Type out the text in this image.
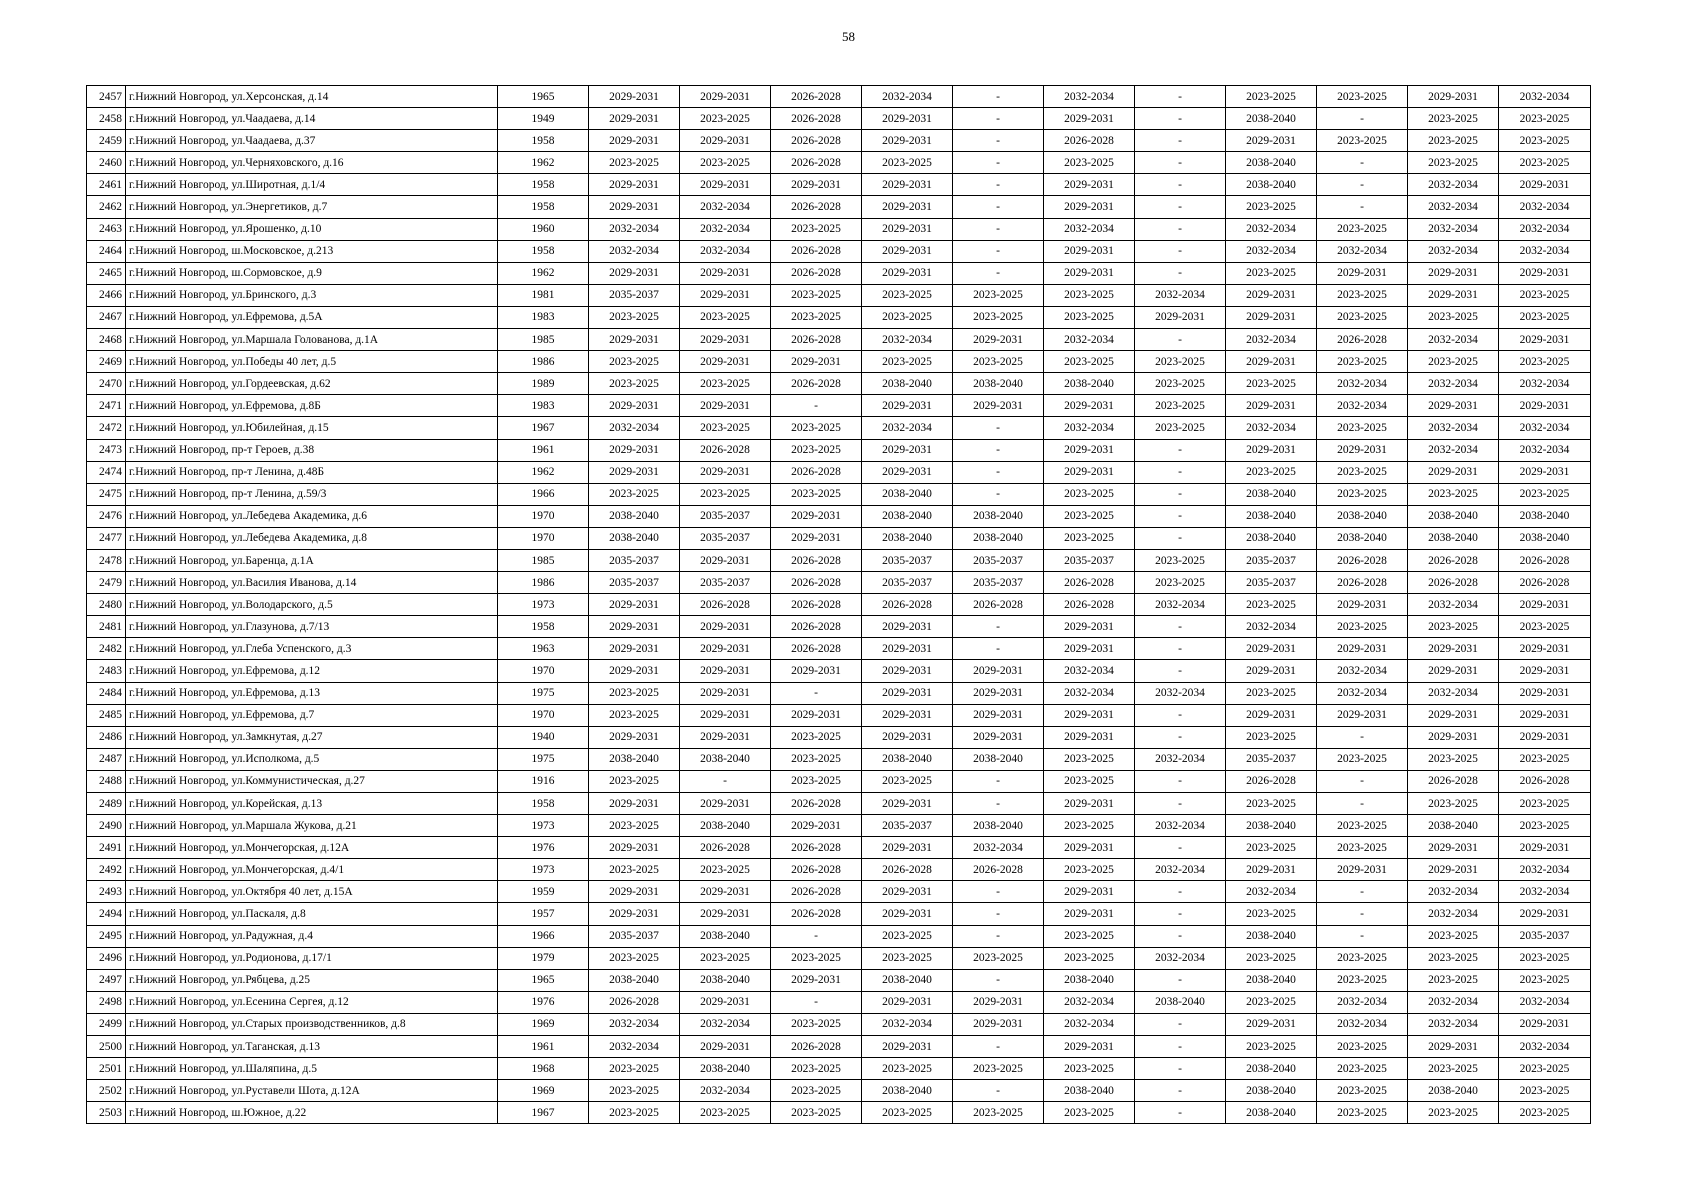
58
2457	г.Нижний Новгород, ул.Херсонская, д.14	1965	2029-2031	2029-2031	2026-2028	2032-2034	-	2032-2034	-	2023-2025	2023-2025	2029-2031	2032-2034
2458	г.Нижний Новгород, ул.Чаадаева, д.14	1949	2029-2031	2023-2025	2026-2028	2029-2031	-	2029-2031	-	2038-2040	-	2023-2025	2023-2025
2459	г.Нижний Новгород, ул.Чаадаева, д.37	1958	2029-2031	2029-2031	2026-2028	2029-2031	-	2026-2028	-	2029-2031	2023-2025	2023-2025	2023-2025
2460	г.Нижний Новгород, ул.Черняховского, д.16	1962	2023-2025	2023-2025	2026-2028	2023-2025	-	2023-2025	-	2038-2040	-	2023-2025	2023-2025
2461	г.Нижний Новгород, ул.Широтная, д.1/4	1958	2029-2031	2029-2031	2029-2031	2029-2031	-	2029-2031	-	2038-2040	-	2032-2034	2029-2031
2462	г.Нижний Новгород, ул.Энергетиков, д.7	1958	2029-2031	2032-2034	2026-2028	2029-2031	-	2029-2031	-	2023-2025	-	2032-2034	2032-2034
2463	г.Нижний Новгород, ул.Ярошенко, д.10	1960	2032-2034	2032-2034	2023-2025	2029-2031	-	2032-2034	-	2032-2034	2023-2025	2032-2034	2032-2034
2464	г.Нижний Новгород, ш.Московское, д.213	1958	2032-2034	2032-2034	2026-2028	2029-2031	-	2029-2031	-	2032-2034	2032-2034	2032-2034	2032-2034
2465	г.Нижний Новгород, ш.Сормовское, д.9	1962	2029-2031	2029-2031	2026-2028	2029-2031	-	2029-2031	-	2023-2025	2029-2031	2029-2031	2029-2031
2466	г.Нижний Новгород, ул.Бринского, д.3	1981	2035-2037	2029-2031	2023-2025	2023-2025	2023-2025	2023-2025	2032-2034	2029-2031	2023-2025	2029-2031	2023-2025
2467	г.Нижний Новгород, ул.Ефремова, д.5А	1983	2023-2025	2023-2025	2023-2025	2023-2025	2023-2025	2023-2025	2029-2031	2029-2031	2023-2025	2023-2025	2023-2025
2468	г.Нижний Новгород, ул.Маршала Голованова, д.1А	1985	2029-2031	2029-2031	2026-2028	2032-2034	2029-2031	2032-2034	-	2032-2034	2026-2028	2032-2034	2029-2031
2469	г.Нижний Новгород, ул.Победы 40 лет, д.5	1986	2023-2025	2029-2031	2029-2031	2023-2025	2023-2025	2023-2025	2023-2025	2029-2031	2023-2025	2023-2025	2023-2025
2470	г.Нижний Новгород, ул.Гордеевская, д.62	1989	2023-2025	2023-2025	2026-2028	2038-2040	2038-2040	2038-2040	2023-2025	2023-2025	2032-2034	2032-2034	2032-2034
2471	г.Нижний Новгород, ул.Ефремова, д.8Б	1983	2029-2031	2029-2031	-	2029-2031	2029-2031	2029-2031	2023-2025	2029-2031	2032-2034	2029-2031	2029-2031
2472	г.Нижний Новгород, ул.Юбилейная, д.15	1967	2032-2034	2023-2025	2023-2025	2032-2034	-	2032-2034	2023-2025	2032-2034	2023-2025	2032-2034	2032-2034
2473	г.Нижний Новгород, пр-т Героев, д.38	1961	2029-2031	2026-2028	2023-2025	2029-2031	-	2029-2031	-	2029-2031	2029-2031	2032-2034	2032-2034
2474	г.Нижний Новгород, пр-т Ленина, д.48Б	1962	2029-2031	2029-2031	2026-2028	2029-2031	-	2029-2031	-	2023-2025	2023-2025	2029-2031	2029-2031
2475	г.Нижний Новгород, пр-т Ленина, д.59/3	1966	2023-2025	2023-2025	2023-2025	2038-2040	-	2023-2025	-	2038-2040	2023-2025	2023-2025	2023-2025
2476	г.Нижний Новгород, ул.Лебедева Академика, д.6	1970	2038-2040	2035-2037	2029-2031	2038-2040	2038-2040	2023-2025	-	2038-2040	2038-2040	2038-2040	2038-2040
2477	г.Нижний Новгород, ул.Лебедева Академика, д.8	1970	2038-2040	2035-2037	2029-2031	2038-2040	2038-2040	2023-2025	-	2038-2040	2038-2040	2038-2040	2038-2040
2478	г.Нижний Новгород, ул.Баренца, д.1А	1985	2035-2037	2029-2031	2026-2028	2035-2037	2035-2037	2035-2037	2023-2025	2035-2037	2026-2028	2026-2028	2026-2028
2479	г.Нижний Новгород, ул.Василия Иванова, д.14	1986	2035-2037	2035-2037	2026-2028	2035-2037	2035-2037	2026-2028	2023-2025	2035-2037	2026-2028	2026-2028	2026-2028
2480	г.Нижний Новгород, ул.Володарского, д.5	1973	2029-2031	2026-2028	2026-2028	2026-2028	2026-2028	2026-2028	2032-2034	2023-2025	2029-2031	2032-2034	2029-2031
2481	г.Нижний Новгород, ул.Глазунова, д.7/13	1958	2029-2031	2029-2031	2026-2028	2029-2031	-	2029-2031	-	2032-2034	2023-2025	2023-2025	2023-2025
2482	г.Нижний Новгород, ул.Глеба Успенского, д.3	1963	2029-2031	2029-2031	2026-2028	2029-2031	-	2029-2031	-	2029-2031	2029-2031	2029-2031	2029-2031
2483	г.Нижний Новгород, ул.Ефремова, д.12	1970	2029-2031	2029-2031	2029-2031	2029-2031	2029-2031	2032-2034	-	2029-2031	2032-2034	2029-2031	2029-2031
2484	г.Нижний Новгород, ул.Ефремова, д.13	1975	2023-2025	2029-2031	-	2029-2031	2029-2031	2032-2034	2032-2034	2023-2025	2032-2034	2032-2034	2029-2031
2485	г.Нижний Новгород, ул.Ефремова, д.7	1970	2023-2025	2029-2031	2029-2031	2029-2031	2029-2031	2029-2031	-	2029-2031	2029-2031	2029-2031	2029-2031
2486	г.Нижний Новгород, ул.Замкнутая, д.27	1940	2029-2031	2029-2031	2023-2025	2029-2031	2029-2031	2029-2031	-	2023-2025	-	2029-2031	2029-2031
2487	г.Нижний Новгород, ул.Исполкома, д.5	1975	2038-2040	2038-2040	2023-2025	2038-2040	2038-2040	2023-2025	2032-2034	2035-2037	2023-2025	2023-2025	2023-2025
2488	г.Нижний Новгород, ул.Коммунистическая, д.27	1916	2023-2025	-	2023-2025	2023-2025	-	2023-2025	-	2026-2028	-	2026-2028	2026-2028
2489	г.Нижний Новгород, ул.Корейская, д.13	1958	2029-2031	2029-2031	2026-2028	2029-2031	-	2029-2031	-	2023-2025	-	2023-2025	2023-2025
2490	г.Нижний Новгород, ул.Маршала Жукова, д.21	1973	2023-2025	2038-2040	2029-2031	2035-2037	2038-2040	2023-2025	2032-2034	2038-2040	2023-2025	2038-2040	2023-2025
2491	г.Нижний Новгород, ул.Мончегорская, д.12А	1976	2029-2031	2026-2028	2026-2028	2029-2031	2032-2034	2029-2031	-	2023-2025	2023-2025	2029-2031	2029-2031
2492	г.Нижний Новгород, ул.Мончегорская, д.4/1	1973	2023-2025	2023-2025	2026-2028	2026-2028	2026-2028	2023-2025	2032-2034	2029-2031	2029-2031	2029-2031	2032-2034
2493	г.Нижний Новгород, ул.Октября 40 лет, д.15А	1959	2029-2031	2029-2031	2026-2028	2029-2031	-	2029-2031	-	2032-2034	-	2032-2034	2032-2034
2494	г.Нижний Новгород, ул.Паскаля, д.8	1957	2029-2031	2029-2031	2026-2028	2029-2031	-	2029-2031	-	2023-2025	-	2032-2034	2029-2031
2495	г.Нижний Новгород, ул.Радужная, д.4	1966	2035-2037	2038-2040	-	2023-2025	-	2023-2025	-	2038-2040	-	2023-2025	2035-2037
2496	г.Нижний Новгород, ул.Родионова, д.17/1	1979	2023-2025	2023-2025	2023-2025	2023-2025	2023-2025	2023-2025	2032-2034	2023-2025	2023-2025	2023-2025	2023-2025
2497	г.Нижний Новгород, ул.Рябцева, д.25	1965	2038-2040	2038-2040	2029-2031	2038-2040	-	2038-2040	-	2038-2040	2023-2025	2023-2025	2023-2025
2498	г.Нижний Новгород, ул.Есенина Сергея, д.12	1976	2026-2028	2029-2031	-	2029-2031	2029-2031	2032-2034	2038-2040	2023-2025	2032-2034	2032-2034	2032-2034
2499	г.Нижний Новгород, ул.Старых производственников, д.8	1969	2032-2034	2032-2034	2023-2025	2032-2034	2029-2031	2032-2034	-	2029-2031	2032-2034	2032-2034	2029-2031
2500	г.Нижний Новгород, ул.Таганская, д.13	1961	2032-2034	2029-2031	2026-2028	2029-2031	-	2029-2031	-	2023-2025	2023-2025	2029-2031	2032-2034
2501	г.Нижний Новгород, ул.Шаляпина, д.5	1968	2023-2025	2038-2040	2023-2025	2023-2025	2023-2025	2023-2025	-	2038-2040	2023-2025	2023-2025	2023-2025
2502	г.Нижний Новгород, ул.Руставели Шота, д.12А	1969	2023-2025	2032-2034	2023-2025	2038-2040	-	2038-2040	-	2038-2040	2023-2025	2038-2040	2023-2025
2503	г.Нижний Новгород, ш.Южное, д.22	1967	2023-2025	2023-2025	2023-2025	2023-2025	2023-2025	2023-2025	-	2038-2040	2023-2025	2023-2025	2023-2025
